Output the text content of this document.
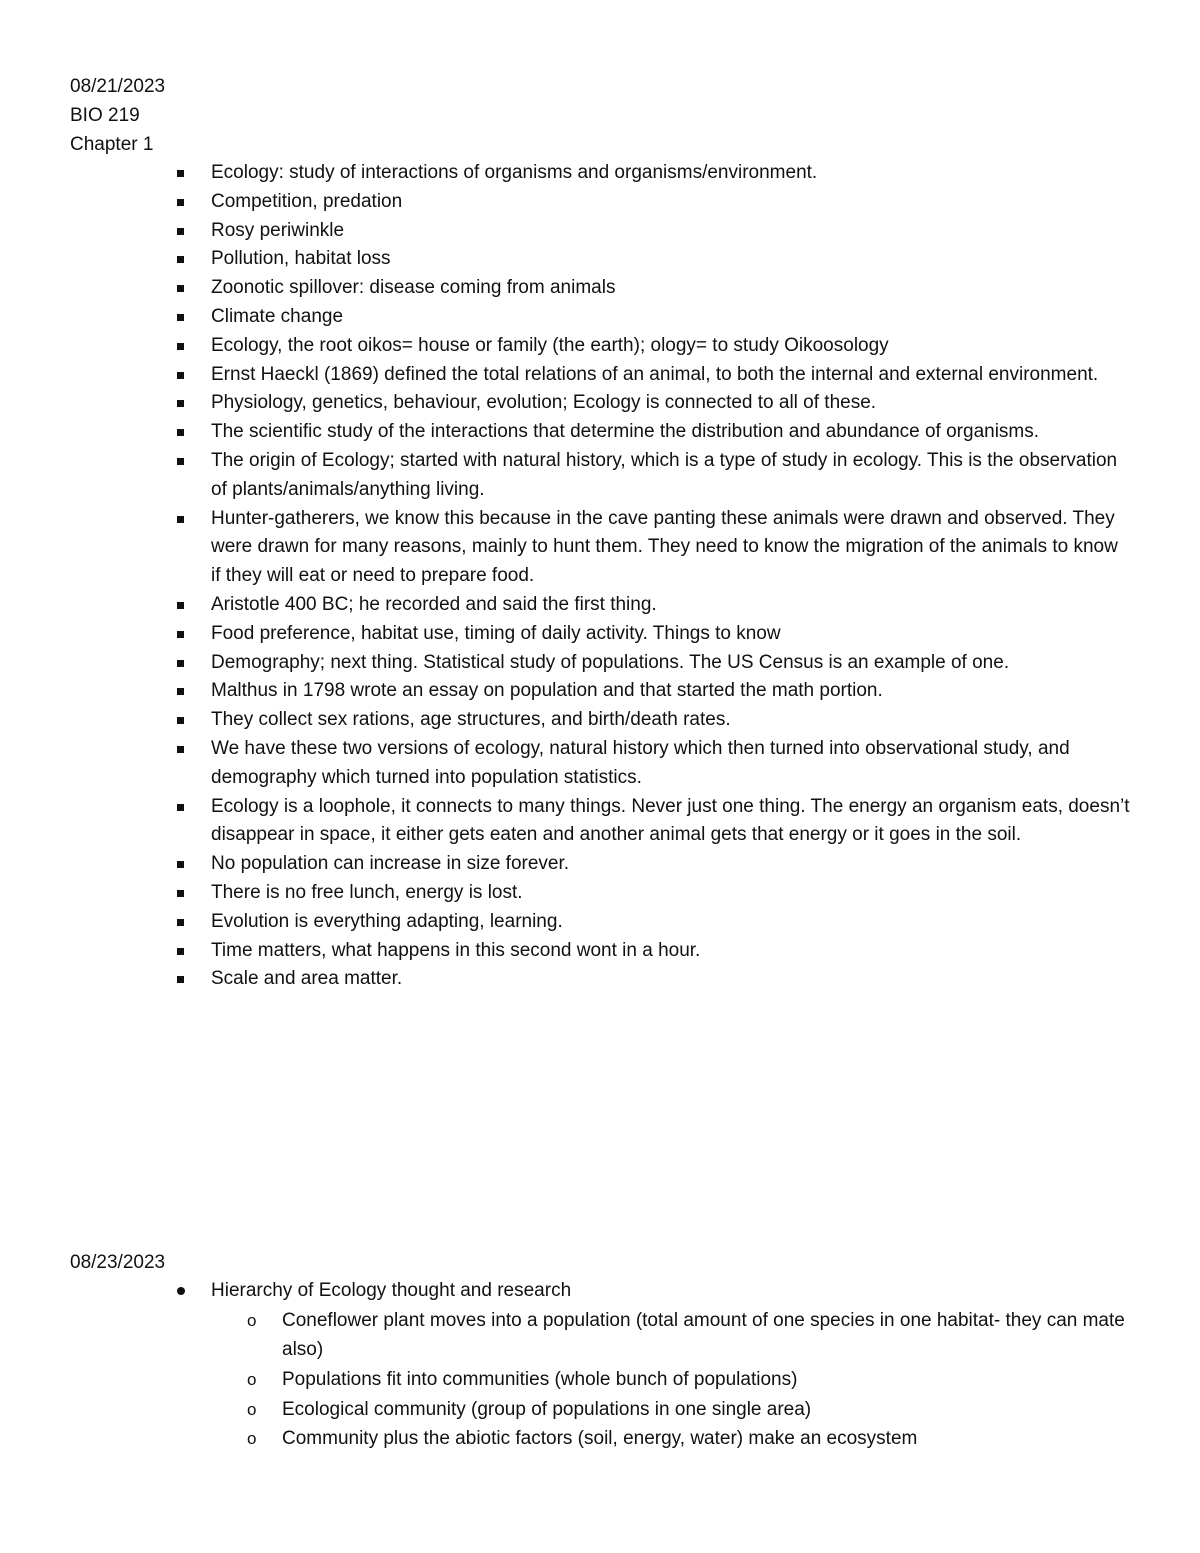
08/21/2023
BIO 219
Chapter 1
Ecology: study of interactions of organisms and organisms/environment.
Competition, predation
Rosy periwinkle
Pollution, habitat loss
Zoonotic spillover: disease coming from animals
Climate change
Ecology, the root oikos= house or family (the earth); ology= to study Oikoosology
Ernst Haeckl (1869) defined the total relations of an animal, to both the internal and external environment.
Physiology, genetics, behaviour, evolution; Ecology is connected to all of these.
The scientific study of the interactions that determine the distribution and abundance of organisms.
The origin of Ecology; started with natural history, which is a type of study in ecology. This is the observation of plants/animals/anything living.
Hunter-gatherers, we know this because in the cave panting these animals were drawn and observed. They were drawn for many reasons, mainly to hunt them. They need to know the migration of the animals to know if they will eat or need to prepare food.
Aristotle 400 BC; he recorded and said the first thing.
Food preference, habitat use, timing of daily activity. Things to know
Demography; next thing. Statistical study of populations. The US Census is an example of one.
Malthus in 1798 wrote an essay on population and that started the math portion.
They collect sex rations, age structures, and birth/death rates.
We have these two versions of ecology, natural history which then turned into observational study, and demography which turned into population statistics.
Ecology is a loophole, it connects to many things. Never just one thing. The energy an organism eats, doesn’t disappear in space, it either gets eaten and another animal gets that energy or it goes in the soil.
No population can increase in size forever.
There is no free lunch, energy is lost.
Evolution is everything adapting, learning.
Time matters, what happens in this second wont in a hour.
Scale and area matter.
08/23/2023
Hierarchy of Ecology thought and research
o Coneflower plant moves into a population (total amount of one species in one habitat- they can mate also)
o Populations fit into communities (whole bunch of populations)
o Ecological community (group of populations in one single area)
o Community plus the abiotic factors (soil, energy, water) make an ecosystem
